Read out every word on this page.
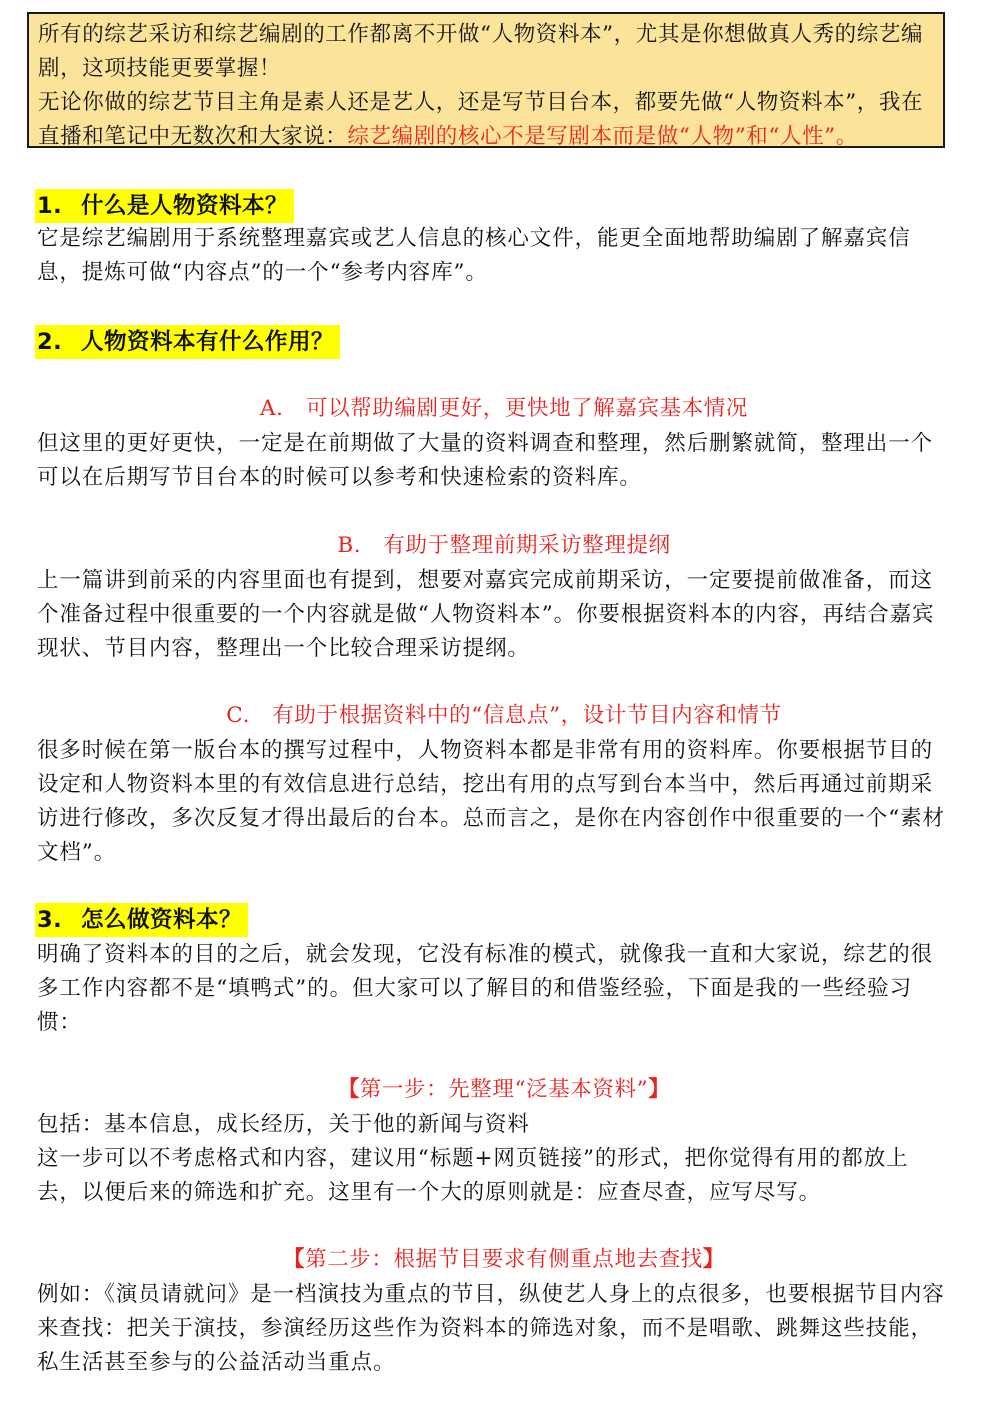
所有的综艺采访和综艺编剧的工作都离不开做“人物资料本”，尤其是你想做真人秀的综艺编剧，这项技能更要掌握！

无论你做的综艺节目主角是素人还是艺人，还是写节目台本，都要先做“人物资料本”，我在直播和笔记中无数次和大家说：综艺编剧的核心不是写剧本而是做“人物”和“人性”。

1. 什么是人物资料本？

它是综艺编剧用于系统整理嘉宾或艺人信息的核心文件，能更全面地帮助编剧了解嘉宾信息，提炼可做“内容点”的一个“参考内容库”。

2. 人物资料本有什么作用？

A. 可以帮助编剧更好，更快地了解嘉宾基本情况

但这里的更好更快，一定是在前期做了大量的资料调查和整理，然后删繁就简，整理出一个可以在后期写节目台本的时候可以参考和快速检索的资料库。

B. 有助于整理前期采访整理提纲

上一篇讲到前采的内容里面也有提到，想要对嘉宾完成前期采访，一定要提前做准备，而这个准备过程中很重要的一个内容就是做“人物资料本”。你要根据资料本的内容，再结合嘉宾现状、节目内容，整理出一个比较合理采访提纲。

C. 有助于根据资料中的“信息点”，设计节目内容和情节

很多时候在第一版台本的撰写过程中，人物资料本都是非常有用的资料库。你要根据节目的设定和人物资料本里的有效信息进行总结，挖出有用的点写到台本当中，然后再通过前期采访进行修改，多次反复才得出最后的台本。总而言之，是你在内容创作中很重要的一个“素材文档”。

3. 怎么做资料本？

明确了资料本的目的之后，就会发现，它没有标准的模式，就像我一直和大家说，综艺的很多工作内容都不是“填鸭式”的。但大家可以了解目的和借鉴经验，下面是我的一些经验习惯：

【第一步：先整理“泛基本资料”】

包括：基本信息，成长经历，关于他的新闻与资料

这一步可以不考虑格式和内容，建议用“标题+网页链接”的形式，把你觉得有用的都放上去，以便后来的筛选和扩充。这里有一个大的原则就是：应查尽查，应写尽写。

【第二步：根据节目要求有侧重点地去查找】

例如：《演员请就问》是一档演技为重点的节目，纵使艺人身上的点很多，也要根据节目内容来查找：把关于演技，参演经历这些作为资料本的筛选对象，而不是唱歌、跳舞这些技能，私生活甚至参与的公益活动当重点。
